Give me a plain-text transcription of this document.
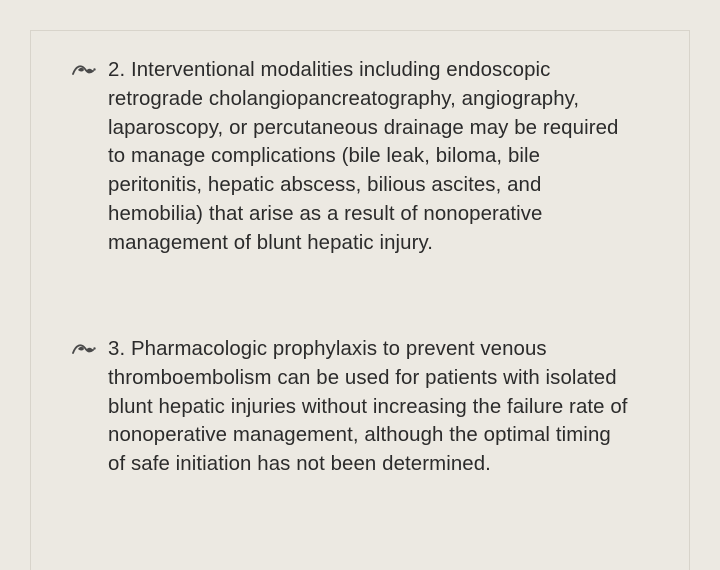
2. Interventional modalities including endoscopic retrograde cholangiopancreatography, angiography, laparoscopy, or percutaneous drainage may be required to manage complications (bile leak, biloma, bile peritonitis, hepatic abscess, bilious ascites, and hemobilia) that arise as a result of nonoperative management of blunt hepatic injury.
3. Pharmacologic prophylaxis to prevent venous thromboembolism can be used for patients with isolated blunt hepatic injuries without increasing the failure rate of nonoperative management, although the optimal timing of safe initiation has not been determined.
